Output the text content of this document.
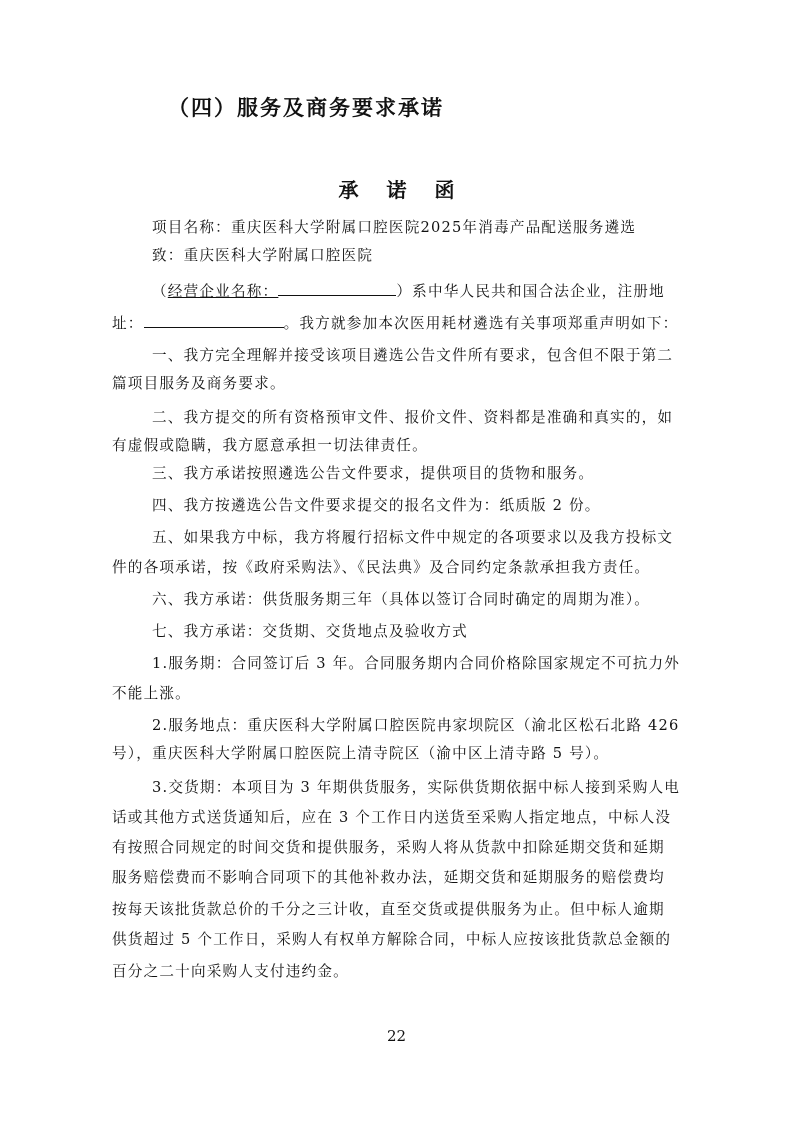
（四）服务及商务要求承诺
承诺函
项目名称：重庆医科大学附属口腔医院2025年消毒产品配送服务遴选
致：重庆医科大学附属口腔医院
（经营企业名称：	）系中华人民共和国合法企业，注册地
址：	。我方就参加本次医用耗材遴选有关事项郑重声明如下：
一、我方完全理解并接受该项目遴选公告文件所有要求，包含但不限于第二
篇项目服务及商务要求。
二、我方提交的所有资格预审文件、报价文件、资料都是准确和真实的，如
有虚假或隐瞒，我方愿意承担一切法律责任。
三、我方承诺按照遴选公告文件要求，提供项目的货物和服务。
四、我方按遴选公告文件要求提交的报名文件为：纸质版 2 份。
五、如果我方中标，我方将履行招标文件中规定的各项要求以及我方投标文
件的各项承诺，按《政府采购法》、《民法典》及合同约定条款承担我方责任。
六、我方承诺：供货服务期三年（具体以签订合同时确定的周期为准）。
七、我方承诺：交货期、交货地点及验收方式
1.服务期：合同签订后 3 年。合同服务期内合同价格除国家规定不可抗力外
不能上涨。
2.服务地点：重庆医科大学附属口腔医院冉家坝院区（渝北区松石北路 426
号），重庆医科大学附属口腔医院上清寺院区（渝中区上清寺路 5 号）。
3.交货期：本项目为 3 年期供货服务，实际供货期依据中标人接到采购人电
话或其他方式送货通知后，应在 3 个工作日内送货至采购人指定地点，中标人没
有按照合同规定的时间交货和提供服务，采购人将从货款中扣除延期交货和延期
服务赔偿费而不影响合同项下的其他补救办法，延期交货和延期服务的赔偿费均
按每天该批货款总价的千分之三计收，直至交货或提供服务为止。但中标人逾期
供货超过 5 个工作日，采购人有权单方解除合同，中标人应按该批货款总金额的
百分之二十向采购人支付违约金。
22
